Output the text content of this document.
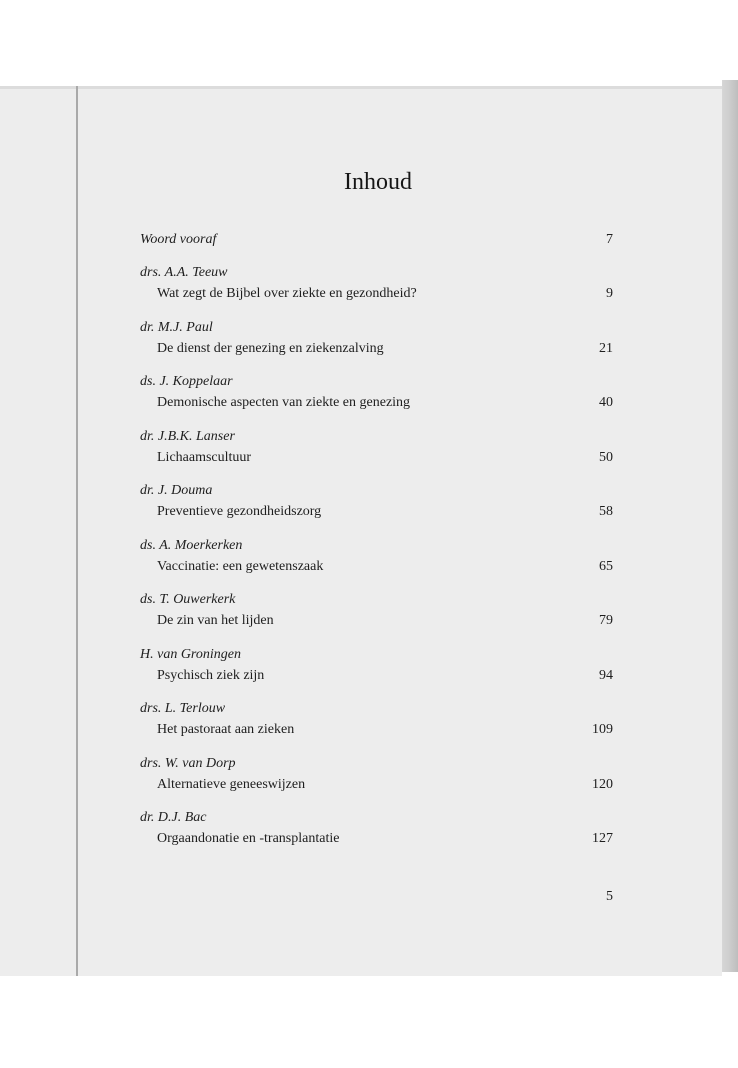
Inhoud
Woord vooraf	7
drs. A.A. Teeuw
Wat zegt de Bijbel over ziekte en gezondheid?	9
dr. M.J. Paul
De dienst der genezing en ziekenzalving	21
ds. J. Koppelaar
Demonische aspecten van ziekte en genezing	40
dr. J.B.K. Lanser
Lichaamscultuur	50
dr. J. Douma
Preventieve gezondheidszorg	58
ds. A. Moerkerken
Vaccinatie: een gewetenszaak	65
ds. T. Ouwerkerk
De zin van het lijden	79
H. van Groningen
Psychisch ziek zijn	94
drs. L. Terlouw
Het pastoraat aan zieken	109
drs. W. van Dorp
Alternatieve geneeswijzen	120
dr. D.J. Bac
Orgaandonatie en -transplantatie	127
5
